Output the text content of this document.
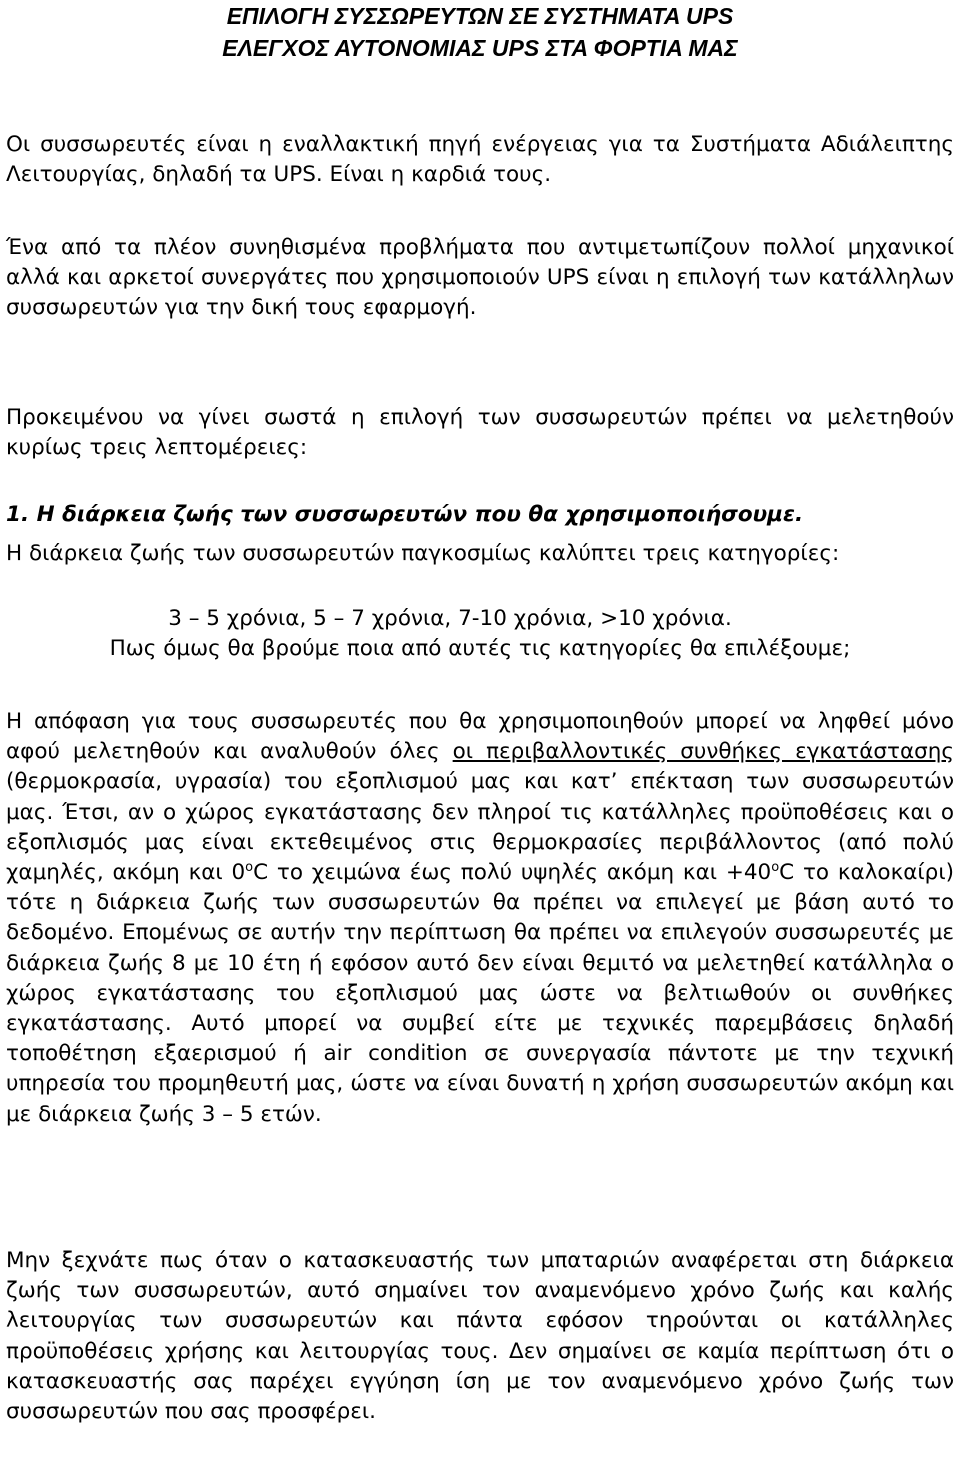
ΕΠΙΛΟΓΗ ΣΥΣΣΩΡΕΥΤΩΝ ΣΕ ΣΥΣΤΗΜΑΤΑ UPS

ΕΛΕΓΧΟΣ ΑΥΤΟΝΟΜΙΑΣ UPS ΣΤΑ ΦΟΡΤΙΑ ΜΑΣ

Οι συσσωρευτές είναι η εναλλακτική πηγή ενέργειας για τα Συστήματα Αδιάλειπτης Λειτουργίας, δηλαδή τα UPS. Είναι η καρδιά τους.

Ένα από τα πλέον συνηθισμένα προβλήματα που αντιμετωπίζουν πολλοί μηχανικοί αλλά και αρκετοί συνεργάτες που χρησιμοποιούν UPS είναι η επιλογή των κατάλληλων συσσωρευτών για την δική τους εφαρμογή.

Προκειμένου να γίνει σωστά η επιλογή των συσσωρευτών πρέπει να μελετηθούν κυρίως τρεις λεπτομέρειες:

1. Η διάρκεια ζωής των συσσωρευτών που θα χρησιμοποιήσουμε.

Η διάρκεια ζωής των συσσωρευτών παγκοσμίως καλύπτει τρεις κατηγορίες:

3 – 5 χρόνια, 5 – 7 χρόνια, 7-10 χρόνια, >10 χρόνια.

Πως όμως θα βρούμε ποια από αυτές τις κατηγορίες θα επιλέξουμε;

Η απόφαση για τους συσσωρευτές που θα χρησιμοποιηθούν μπορεί να ληφθεί μόνο αφού μελετηθούν και αναλυθούν όλες οι περιβαλλοντικές συνθήκες εγκατάστασης (θερμοκρασία, υγρασία) του εξοπλισμού μας και κατ’ επέκταση των συσσωρευτών μας. Έτσι, αν ο χώρος εγκατάστασης δεν πληροί τις κατάλληλες προϋποθέσεις και ο εξοπλισμός μας είναι εκτεθειμένος στις θερμοκρασίες περιβάλλοντος (από πολύ χαμηλές, ακόμη και $0^oC$ το χειμώνα έως πολύ υψηλές ακόμη $\kappa\alpha\iota +40^oC$ το καλοκαίρι) τότε η διάρκεια ζωής των συσσωρευτών θα πρέπει να επιλεγεί με βάση αυτό το δεδομένο. Επομένως σε αυτήν την περίπτωση θα πρέπει να επιλεγούν συσσωρευτές με διάρκεια ζωής 8 με 10 έτη ή εφόσον αυτό δεν είναι θεμιτό να μελετηθεί κατάλληλα ο χώρος εγκατάστασης του εξοπλισμού μας ώστε να βελτιωθούν οι συνθήκες εγκατάστασης. Αυτό μπορεί να συμβεί είτε με τεχνικές παρεμβάσεις δηλαδή τοποθέτηση εξαερισμού ή air condition σε συνεργασία πάντοτε με την τεχνική υπηρεσία του προμηθευτή μας, ώστε να είναι δυνατή η χρήση συσσωρευτών ακόμη και με διάρκεια ζωής 3 – 5 ετών.

Μην ξεχνάτε πως όταν ο κατασκευαστής των μπαταριών αναφέρεται στη διάρκεια ζωής των συσσωρευτών, αυτό σημαίνει τον αναμενόμενο χρόνο ζωής και καλής λειτουργίας των συσσωρευτών και πάντα εφόσον τηρούνται οι κατάλληλες προϋποθέσεις χρήσης και λειτουργίας τους. Δεν σημαίνει σε καμία περίπτωση ότι ο κατασκευαστής σας παρέχει εγγύηση ίση με τον αναμενόμενο χρόνο ζωής των συσσωρευτών που σας προσφέρει.
